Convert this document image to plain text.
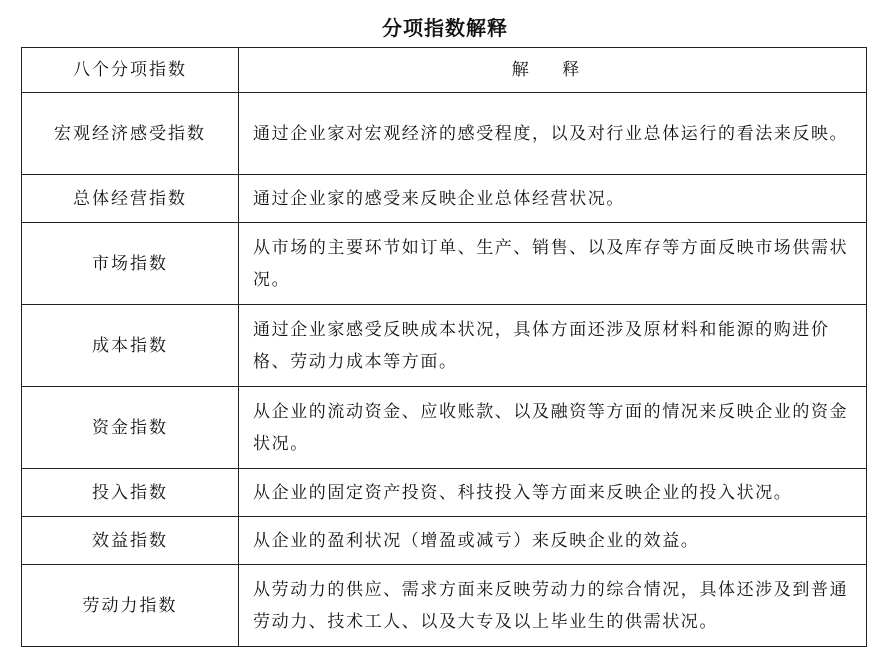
分项指数解释
八个分项指数	解 释
宏观经济感受指数	通过企业家对宏观经济的感受程度，以及对行业总体运行的看法来反映。
总体经营指数	通过企业家的感受来反映企业总体经营状况。
市场指数	从市场的主要环节如订单、生产、销售、以及库存等方面反映市场供需状况。
成本指数	通过企业家感受反映成本状况，具体方面还涉及原材料和能源的购进价格、劳动力成本等方面。
资金指数	从企业的流动资金、应收账款、以及融资等方面的情况来反映企业的资金状况。
投入指数	从企业的固定资产投资、科技投入等方面来反映企业的投入状况。
效益指数	从企业的盈利状况（增盈或减亏）来反映企业的效益。
劳动力指数	从劳动力的供应、需求方面来反映劳动力的综合情况，具体还涉及到普通劳动力、技术工人、以及大专及以上毕业生的供需状况。
